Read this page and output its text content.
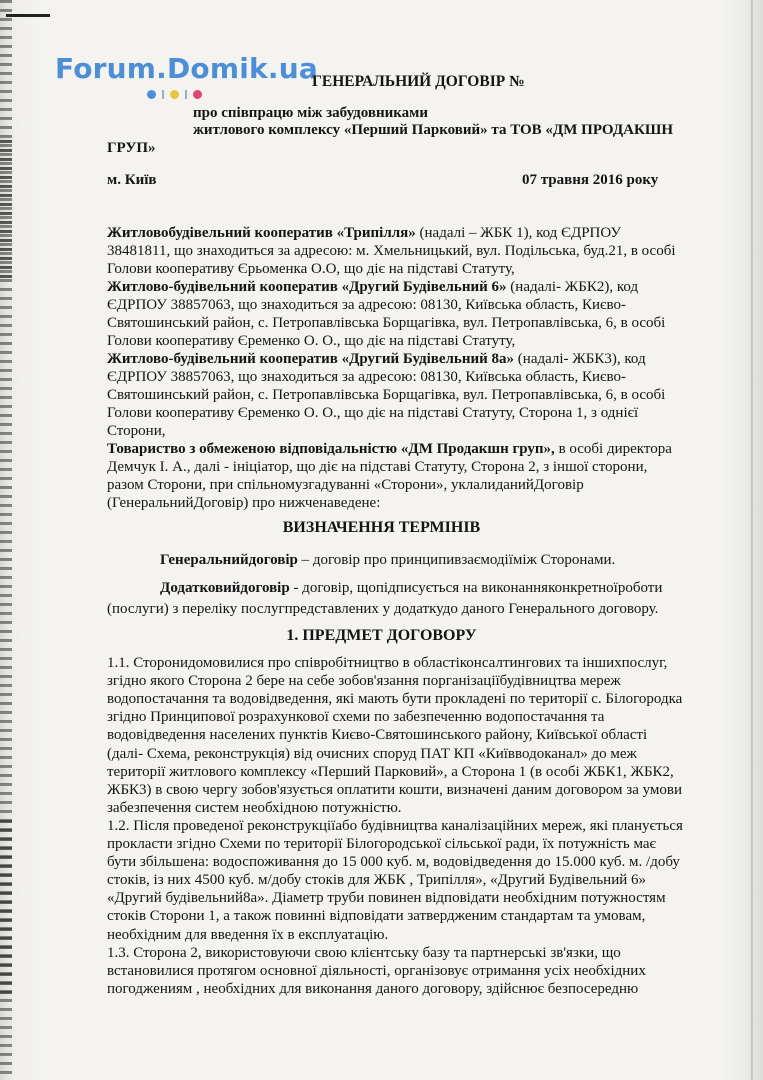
Forum.Domik.ua
ГЕНЕРАЛЬНИЙ ДОГОВІР №
про співпрацю між забудовниками
житлового комплексу «Перший Парковий» та ТОВ «ДМ ПРОДАКШН
ГРУП»
м. Київ	07 травня 2016 року
Житловобудівельний кооператив «Трипілля» (надалі – ЖБК 1), код ЄДРПОУ
38481811, що знаходиться за адресою: м. Хмельницький, вул. Подільська, буд.21, в особі
Голови кооперативу Єрьоменка О.О, що діє на підставі Статуту,
Житлово-будівельний кооператив «Другий Будівельний 6» (надалі- ЖБК2), код
ЄДРПОУ 38857063, що знаходиться за адресою: 08130, Київська область, Києво-
Святошинський район, с. Петропавлівська Борщагівка, вул. Петропавлівська, 6, в особі
Голови кооперативу Єременко О. О., що діє на підставі Статуту,
Житлово-будівельний кооператив «Другий Будівельний 8а» (надалі- ЖБК3), код
ЄДРПОУ 38857063, що знаходиться за адресою: 08130, Київська область, Києво-
Святошинський район, с. Петропавлівська Борщагівка, вул. Петропавлівська, 6, в особі
Голови кооперативу Єременко О. О., що діє на підставі Статуту, Сторона 1, з однієї
Сторони,
Товариство з обмеженою відповідальністю «ДМ Продакшн груп», в особі директора
Демчук І. А., далі - ініціатор, що діє на підставі Статуту, Сторона 2, з іншої сторони,
разом Сторони, при спільномузгадуванні «Сторони», уклалиданийДоговір
(ГенеральнийДоговір) про нижченаведене:
ВИЗНАЧЕННЯ ТЕРМІНІВ
Генеральнийдоговір – договір про принципивзаємодіїміж Сторонами.
Додатковийдоговір - договір, щопідписується на виконанняконкретноїроботи
(послуги) з переліку послугпредставлених у додаткудо даного Генерального договору.
1. ПРЕДМЕТ ДОГОВОРУ
1.1. Сторонидомовилися про співробітництво в областіконсалтингових та іншихпослуг,
згідно якого Сторона 2 бере на себе зобов'язання порганізаціїбудівництва мереж
водопостачання та водовідведення, які мають бути прокладені по території с. Білогородка
згідно Принципової розрахункової схеми по забезпеченню водопостачання та
водовідведення населених пунктів Києво-Святошинського району, Київської області
(далі- Схема, реконструкція) від очисних споруд ПАТ КП «Київводоканал» до меж
території житлового комплексу «Перший Парковий», а Сторона 1 (в особі ЖБК1, ЖБК2,
ЖБК3) в свою чергу зобов'язується оплатити кошти, визначені даним договором за умови
забезпечення систем необхідною потужністю.
1.2. Після проведеної реконструкціїабо будівництва каналізаційних мереж, які планується
прокласти згідно Схеми по території Білогородської сільської ради, їх потужність має
бути збільшена: водоспоживання до 15 000 куб. м, водовідведення до 15.000 куб. м. /добу
стоків, із них 4500 куб. м/добу стоків для ЖБК , Трипілля», «Другий Будівельний 6»
«Другий будівельний8а». Діаметр труби повинен відповідати необхідним потужностям
стоків Сторони 1, а також повинні відповідати затвердженим стандартам та умовам,
необхідним для введення їх в експлуатацію.
1.3. Сторона 2, використовуючи свою клієнтську базу та партнерські зв'язки, що
встановилися протягом основної діяльності, організовує отримання усіх необхідних
погоджениям , необхідних для виконання даного договору, здійснює безпосередню
